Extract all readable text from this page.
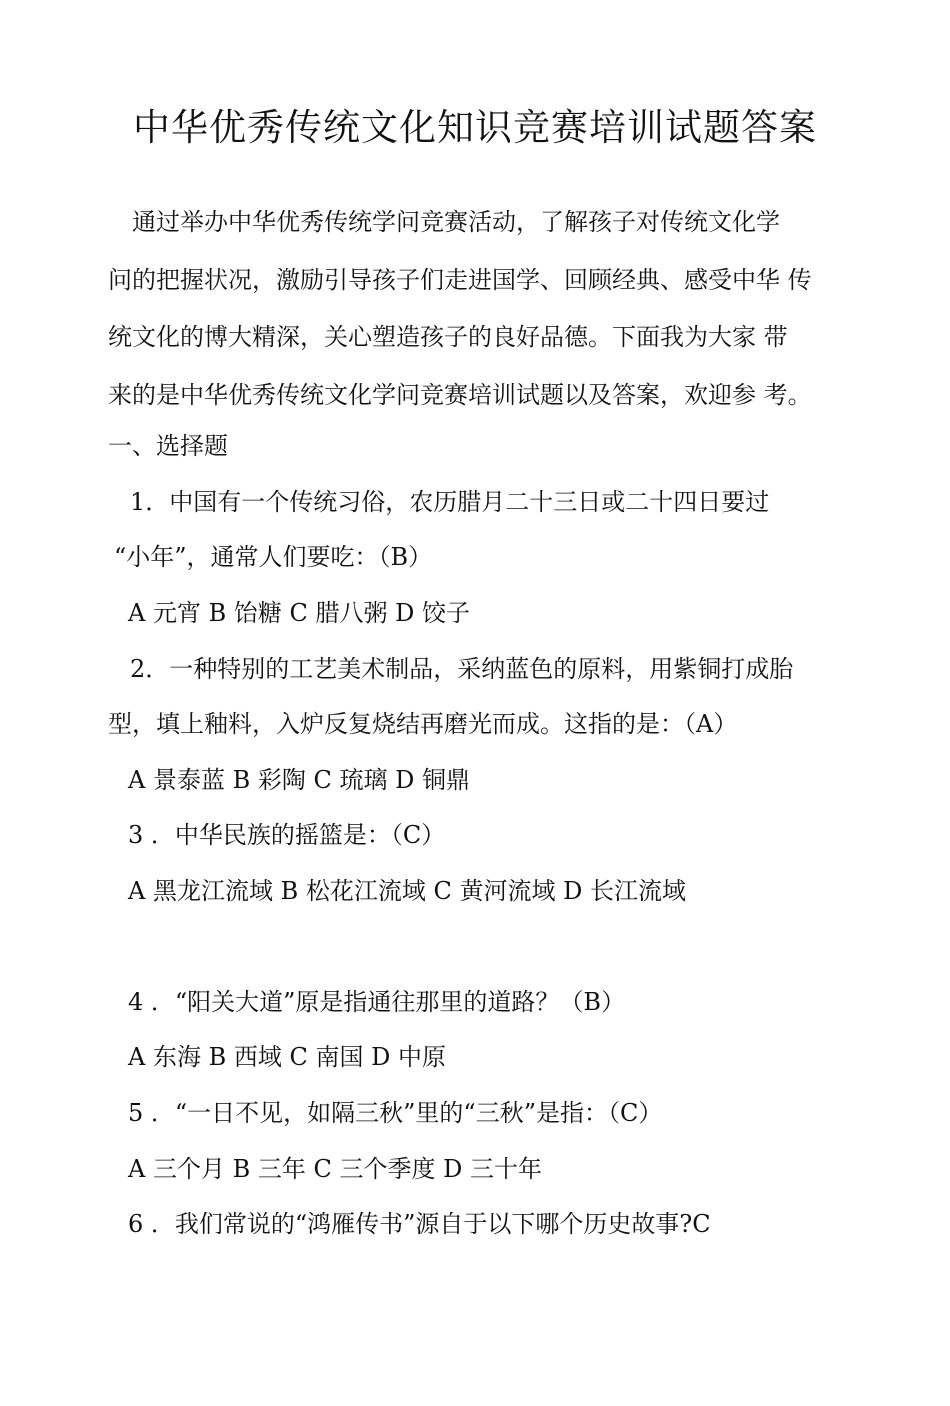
中华优秀传统文化知识竞赛培训试题答案
通过举办中华优秀传统学问竞赛活动，了解孩子对传统文化学
问的把握状况，激励引导孩子们走进国学、回顾经典、感受中华 传
统文化的博大精深，关心塑造孩子的良好品德。下面我为大家 带
来的是中华优秀传统文化学问竞赛培训试题以及答案，欢迎参 考。
一、选择题
1．中国有一个传统习俗，农历腊月二十三日或二十四日要过
“小年”，通常人们要吃：（B）
A 元宵 B 饴糖 C 腊八粥 D 饺子
2．一种特别的工艺美术制品，采纳蓝色的原料，用紫铜打成胎
型，填上釉料，入炉反复烧结再磨光而成。这指的是：（A）
A 景泰蓝 B 彩陶 C 琉璃 D 铜鼎
3 ．中华民族的摇篮是：（C）
A 黑龙江流域 B 松花江流域 C 黄河流域 D 长江流域
4 ．“阳关大道”原是指通往那里的道路？（B）
A 东海 B 西域 C 南国 D 中原
5 ．“一日不见，如隔三秋”里的“三秋”是指：（C）
A 三个月 B 三年 C 三个季度 D 三十年
6 ．我们常说的“鸿雁传书”源自于以下哪个历史故事?C
